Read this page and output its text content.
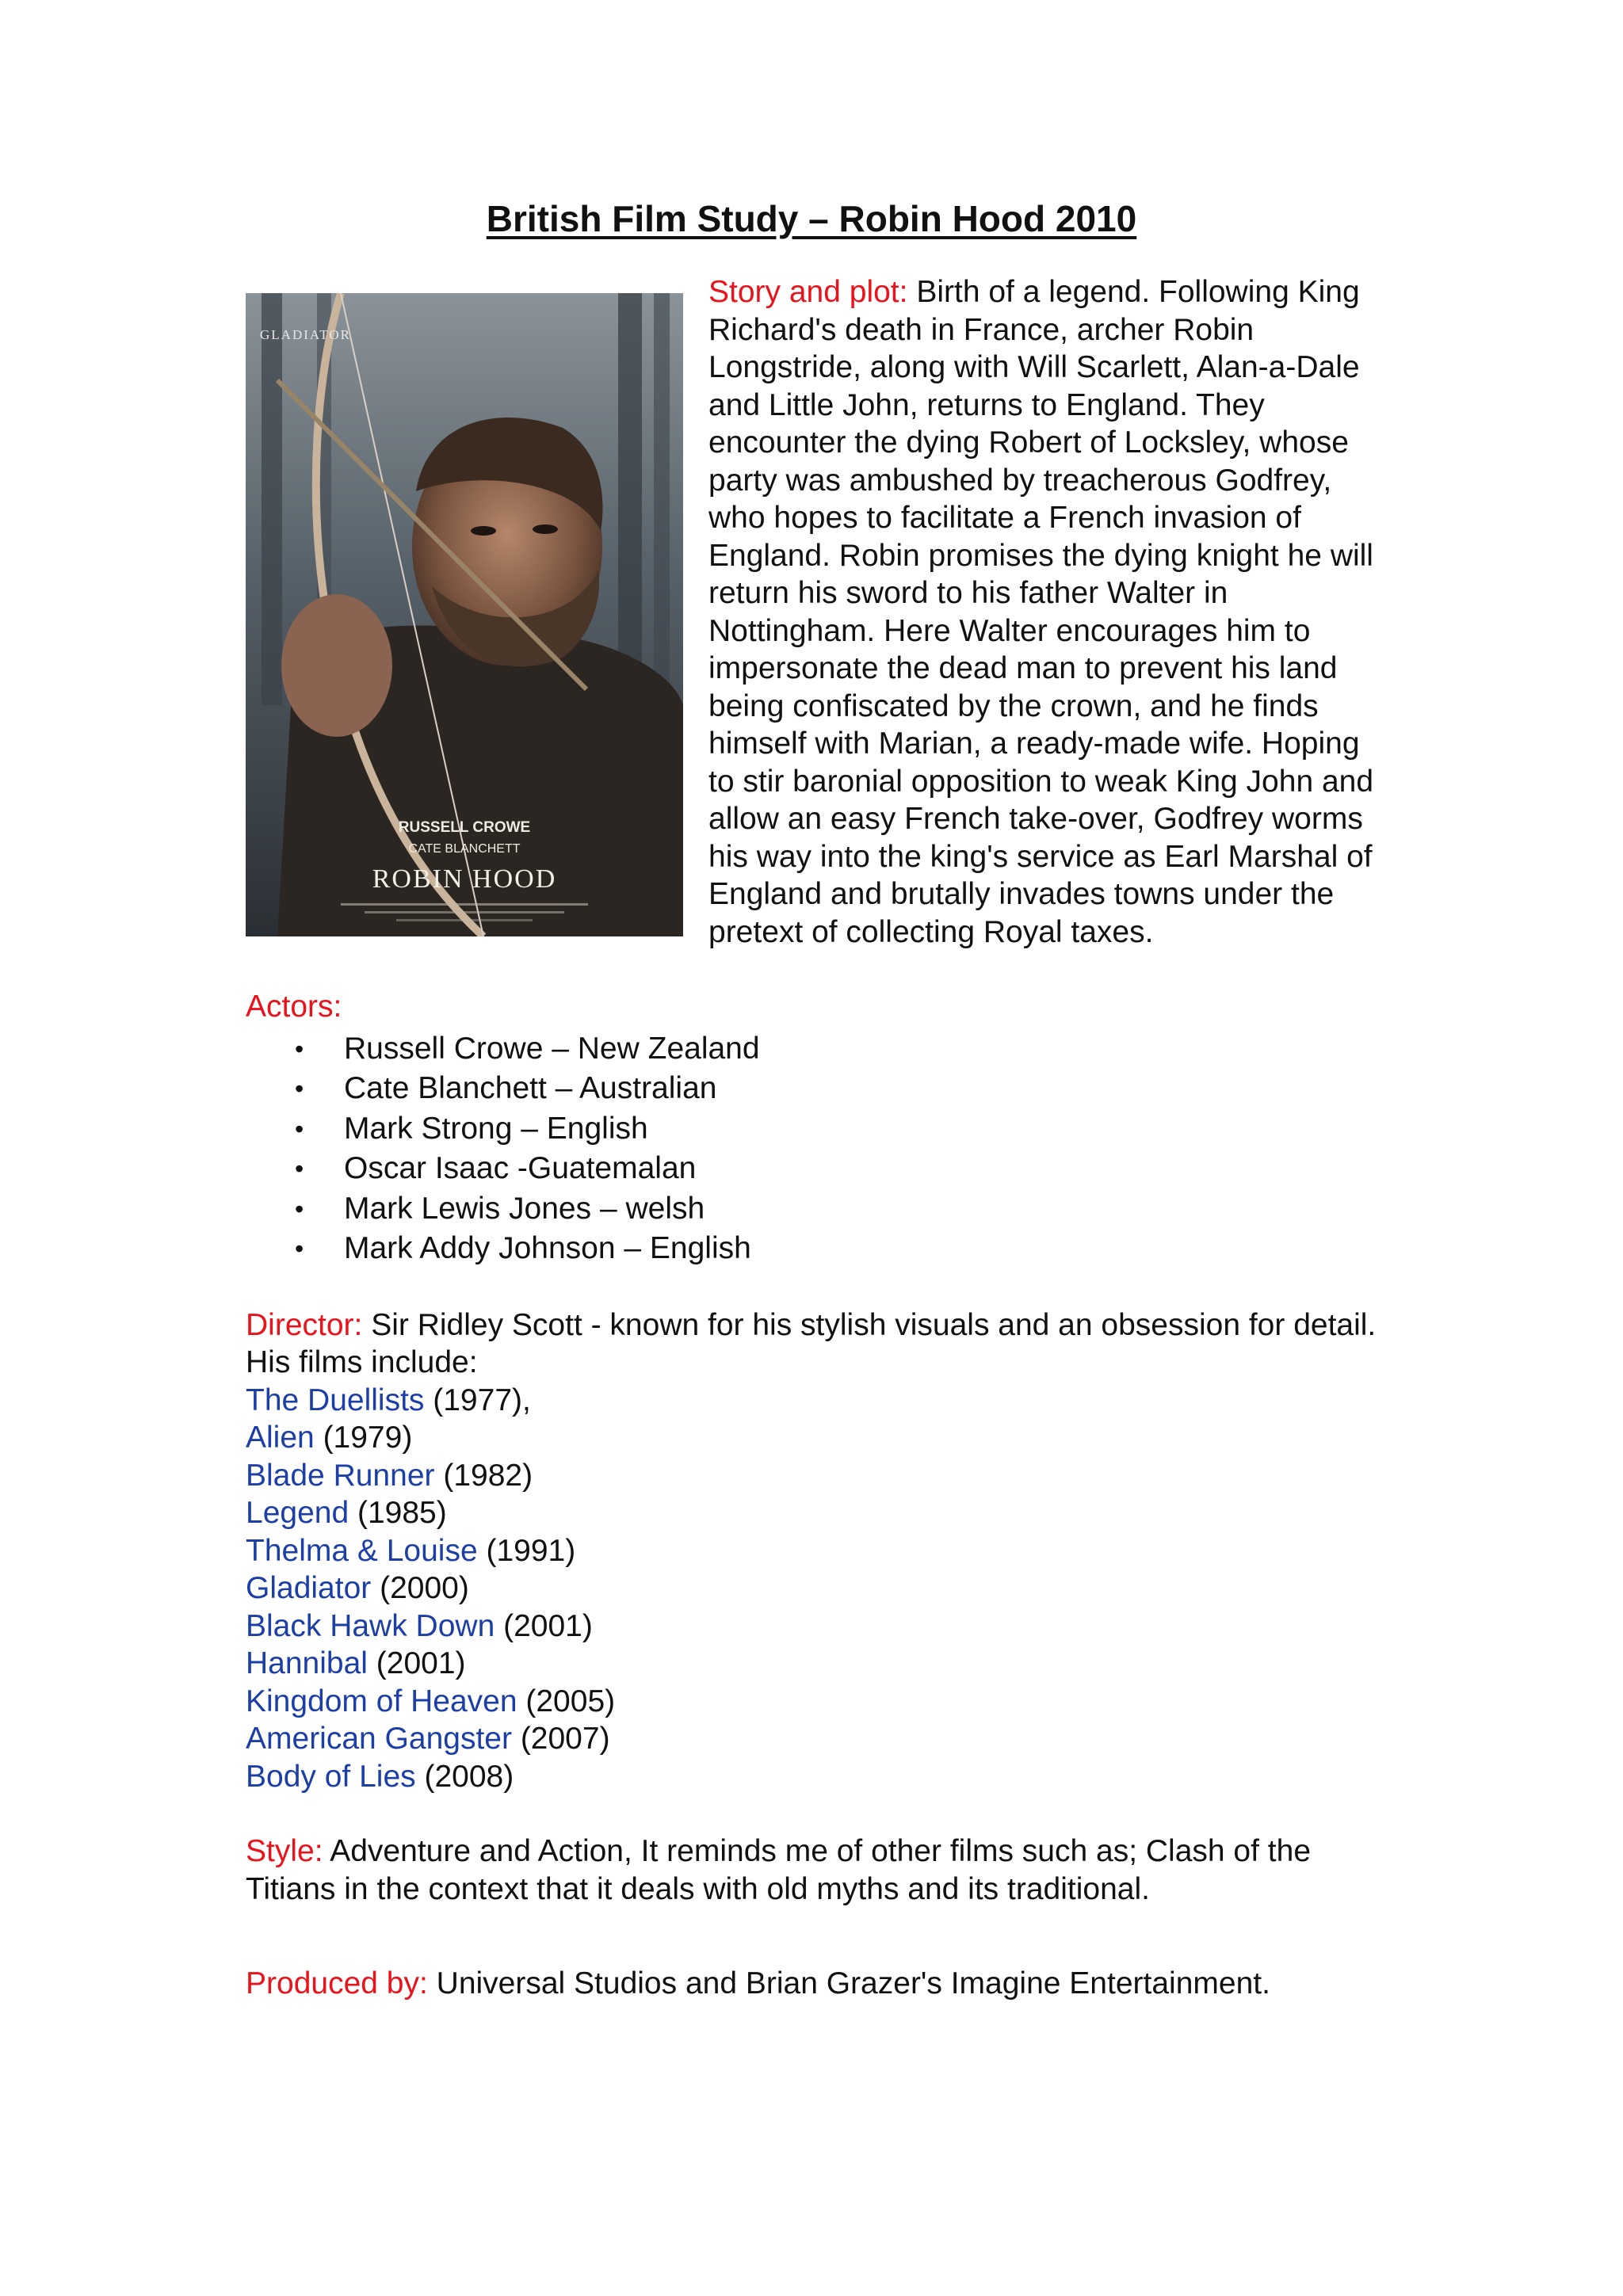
British Film Study – Robin Hood 2010
GLADIATOR
RUSSELL CROWE
CATE BLANCHETT
ROBIN HOOD

Story and plot: Birth of a legend. Following King Richard's death in France, archer Robin Longstride, along with Will Scarlett, Alan-a-Dale and Little John, returns to England. They encounter the dying Robert of Locksley, whose party was ambushed by treacherous Godfrey, who hopes to facilitate a French invasion of England. Robin promises the dying knight he will return his sword to his father Walter in Nottingham. Here Walter encourages him to impersonate the dead man to prevent his land being confiscated by the crown, and he finds himself with Marian, a ready-made wife. Hoping to stir baronial opposition to weak King John and allow an easy French take-over, Godfrey worms his way into the king's service as Earl Marshal of England and brutally invades towns under the pretext of collecting Royal taxes.

Actors:

• Russell Crowe – New Zealand
• Cate Blanchett – Australian
• Mark Strong – English
• Oscar Isaac -Guatemalan
• Mark Lewis Jones – welsh
• Mark Addy Johnson – English

Director: Sir Ridley Scott - known for his stylish visuals and an obsession for detail. His films include:

The Duellists (1977),

Alien (1979)

Blade Runner (1982)

Legend (1985)

Thelma & Louise (1991)

Gladiator (2000)

Black Hawk Down (2001)

Hannibal (2001)

Kingdom of Heaven (2005)

American Gangster (2007)

Body of Lies (2008)

Style: Adventure and Action, It reminds me of other films such as; Clash of the Titians in the context that it deals with old myths and its traditional.

Produced by: Universal Studios and Brian Grazer's Imagine Entertainment.
